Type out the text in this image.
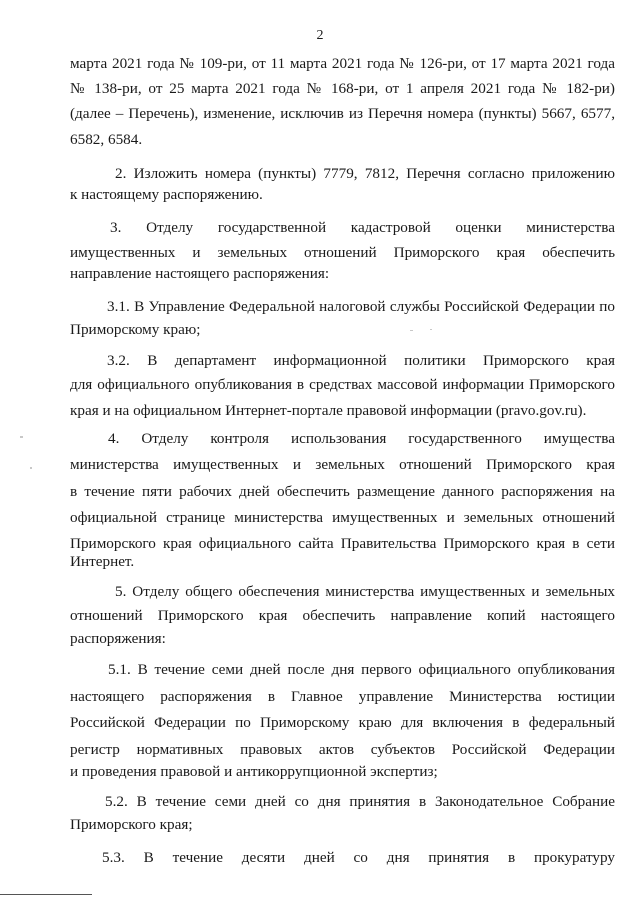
2
марта 2021 года № 109-ри, от 11 марта 2021 года № 126-ри, от 17 марта 2021 года
№ 138-ри, от 25 марта 2021 года № 168-ри, от 1 апреля 2021 года № 182-ри)
(далее – Перечень), изменение, исключив из Перечня номера (пункты) 5667, 6577,
6582, 6584.
2. Изложить номера (пункты) 7779, 7812, Перечня согласно приложению
к настоящему распоряжению.
3. Отделу государственной кадастровой оценки министерства
имущественных и земельных отношений Приморского края обеспечить
направление настоящего распоряжения:
3.1. В Управление Федеральной налоговой службы Российской Федерации по
Приморскому краю;
3.2. В департамент информационной политики Приморского края
для официального опубликования в средствах массовой информации Приморского
края и на официальном Интернет-портале правовой информации (pravo.gov.ru).
4. Отделу контроля использования государственного имущества
министерства имущественных и земельных отношений Приморского края
в течение пяти рабочих дней обеспечить размещение данного распоряжения на
официальной странице министерства имущественных и земельных отношений
Приморского края официального сайта Правительства Приморского края в сети
Интернет.
5. Отделу общего обеспечения министерства имущественных и земельных
отношений Приморского края обеспечить направление копий настоящего
распоряжения:
5.1. В течение семи дней после дня первого официального опубликования
настоящего распоряжения в Главное управление Министерства юстиции
Российской Федерации по Приморскому краю для включения в федеральный
регистр нормативных правовых актов субъектов Российской Федерации
и проведения правовой и антикоррупционной экспертиз;
5.2. В течение семи дней со дня принятия в Законодательное Собрание
Приморского края;
5.3. В течение десяти дней со дня принятия в прокуратуру
